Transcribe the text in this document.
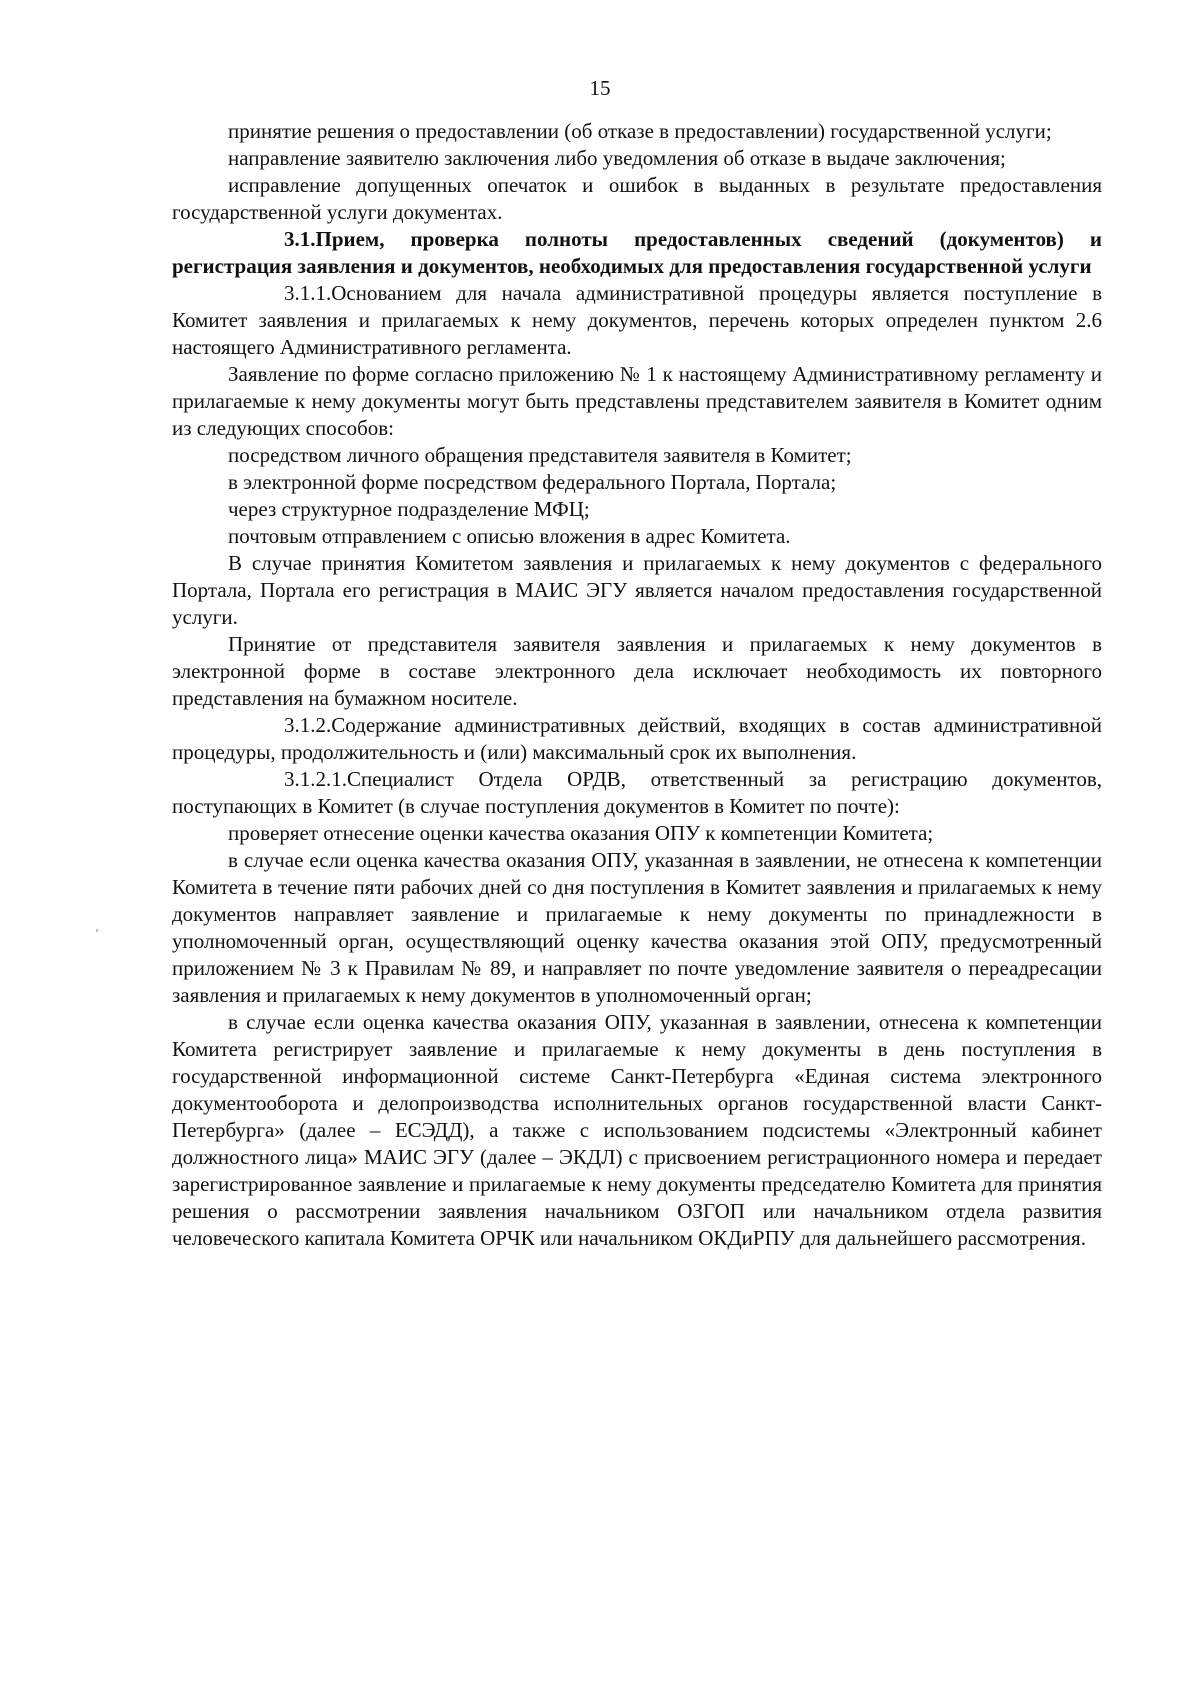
15
ᶜ

принятие решения о предоставлении (об отказе в предоставлении) государственной услуги;

направление заявителю заключения либо уведомления об отказе в выдаче заключения;

исправление допущенных опечаток и ошибок в выданных в результате предоставления государственной услуги документах.

3.1.Прием, проверка полноты предоставленных сведений (документов) и регистрация заявления и документов, необходимых для предоставления государственной услуги

3.1.1.Основанием для начала административной процедуры является поступление в Комитет заявления и прилагаемых к нему документов, перечень которых определен пунктом 2.6 настоящего Административного регламента.

Заявление по форме согласно приложению № 1 к настоящему Административному регламенту и прилагаемые к нему документы могут быть представлены представителем заявителя в Комитет одним из следующих способов:

посредством личного обращения представителя заявителя в Комитет;

в электронной форме посредством федерального Портала, Портала;

через структурное подразделение МФЦ;

почтовым отправлением с описью вложения в адрес Комитета.

В случае принятия Комитетом заявления и прилагаемых к нему документов с федерального Портала, Портала его регистрация в МАИС ЭГУ является началом предоставления государственной услуги.

Принятие от представителя заявителя заявления и прилагаемых к нему документов в электронной форме в составе электронного дела исключает необходимость их повторного представления на бумажном носителе.

3.1.2.Содержание административных действий, входящих в состав административной процедуры, продолжительность и (или) максимальный срок их выполнения.

3.1.2.1.Специалист Отдела ОРДВ, ответственный за регистрацию документов, поступающих в Комитет (в случае поступления документов в Комитет по почте):

проверяет отнесение оценки качества оказания ОПУ к компетенции Комитета;

в случае если оценка качества оказания ОПУ, указанная в заявлении, не отнесена к компетенции Комитета в течение пяти рабочих дней со дня поступления в Комитет заявления и прилагаемых к нему документов направляет заявление и прилагаемые к нему документы по принадлежности в уполномоченный орган, осуществляющий оценку качества оказания этой ОПУ, предусмотренный приложением № 3 к Правилам № 89, и направляет по почте уведомление заявителя о переадресации заявления и прилагаемых к нему документов в уполномоченный орган;

в случае если оценка качества оказания ОПУ, указанная в заявлении, отнесена к компетенции Комитета регистрирует заявление и прилагаемые к нему документы в день поступления в государственной информационной системе Санкт-Петербурга «Единая система электронного документооборота и делопроизводства исполнительных органов государственной власти Санкт-Петербурга» (далее – ЕСЭДД), а также с использованием подсистемы «Электронный кабинет должностного лица» МАИС ЭГУ (далее – ЭКДЛ) с присвоением регистрационного номера и передает зарегистрированное заявление и прилагаемые к нему документы председателю Комитета для принятия решения о рассмотрении заявления начальником ОЗГОП или начальником отдела развития человеческого капитала Комитета ОРЧК или начальником ОКДиРПУ для дальнейшего рассмотрения.
